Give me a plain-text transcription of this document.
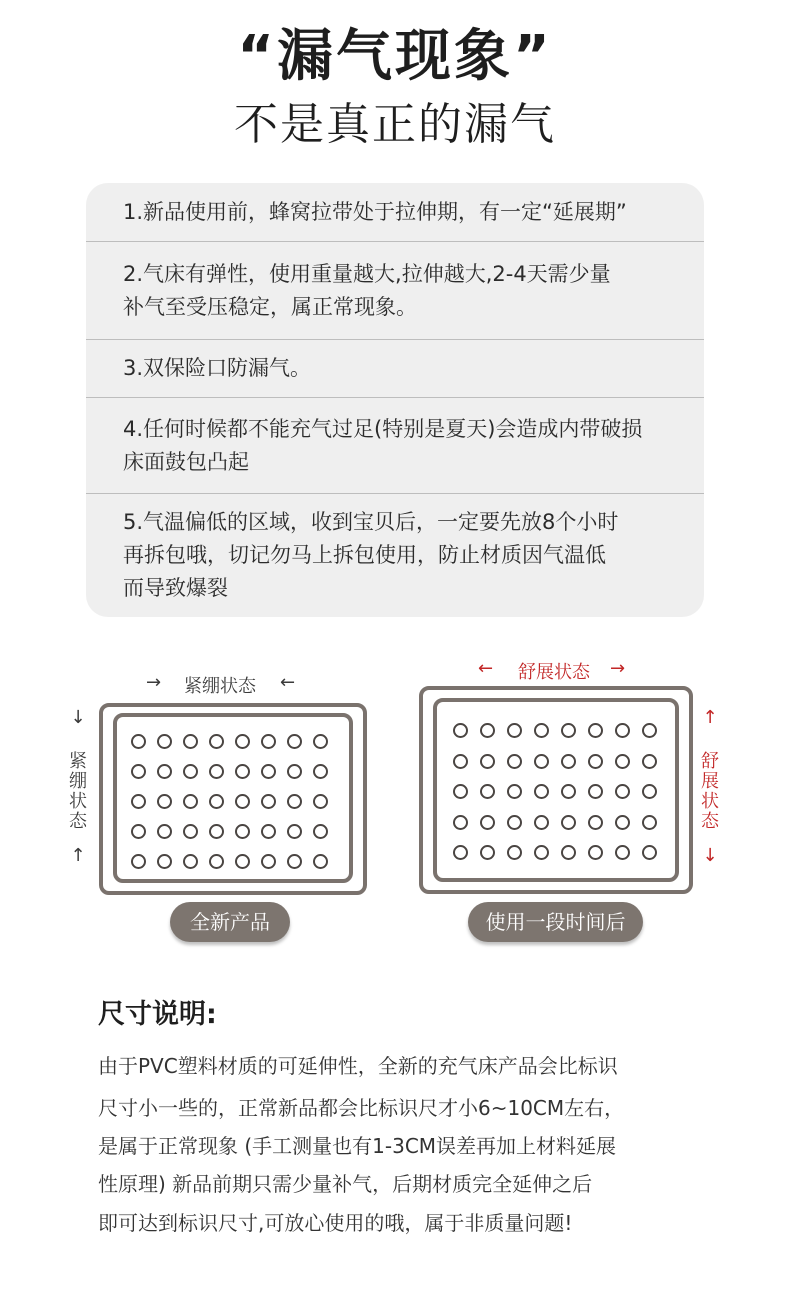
“漏气现象”
不是真正的漏气
1.新品使用前，蜂窝拉带处于拉伸期，有一定“延展期”
2.气床有弹性，使用重量越大,拉伸越大,2-4天需少量
补气至受压稳定，属正常现象。
3.双保险口防漏气。
4.任何时候都不能充气过足(特别是夏天)会造成内带破损
床面鼓包凸起
5.气温偏低的区域，收到宝贝后，一定要先放8个小时
再拆包哦，切记勿马上拆包使用，防止材质因气温低
而导致爆裂
→ 紧绷状态 ←
↓
紧绷状态
↑
全新产品
← 舒展状态 →
↑
舒展状态
↓
使用一段时间后
尺寸说明:
由于PVC塑料材质的可延伸性，全新的充气床产品会比标识
尺寸小一些的，正常新品都会比标识尺才小6~10CM左右，
是属于正常现象 (手工测量也有1-3CM误差再加上材料延展
性原理) 新品前期只需少量补气，后期材质完全延伸之后
即可达到标识尺寸,可放心使用的哦，属于非质量问题!
